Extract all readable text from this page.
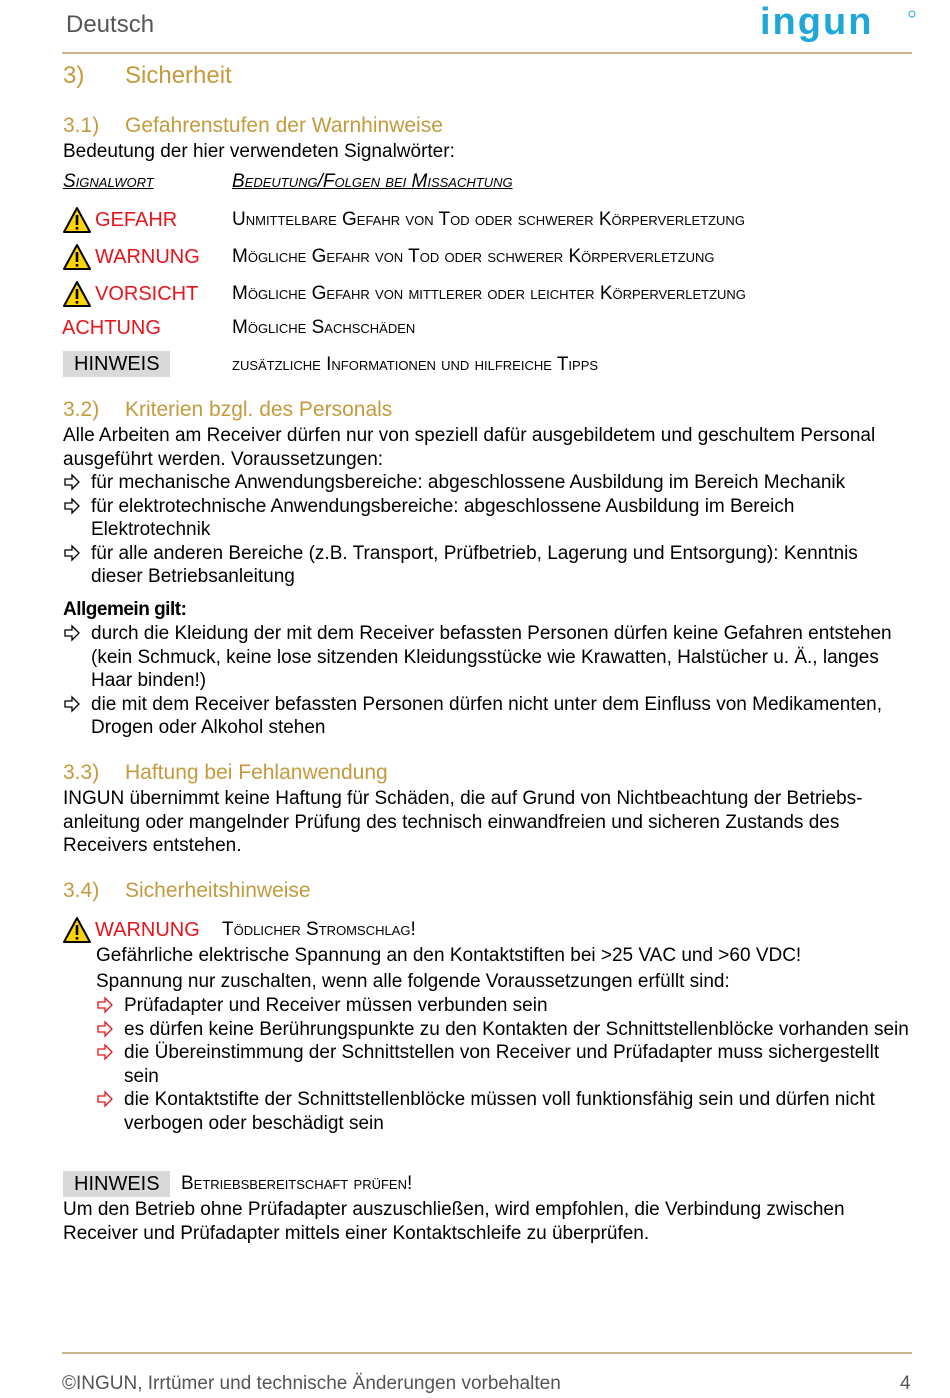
Deutsch	ingun
3) Sicherheit
3.1) Gefahrenstufen der Warnhinweise
Bedeutung der hier verwendeten Signalwörter:
Signalwort	Bedeutung/Folgen bei Missachtung
GEFAHR	Unmittelbare Gefahr von Tod oder schwerer Körperverletzung
WARNUNG Mögliche Gefahr von Tod oder schwerer Körperverletzung
VORSICHT Mögliche Gefahr von mittlerer oder leichter Körperverletzung
ACHTUNG	Mögliche Sachschäden
HINWEIS	zusätzliche Informationen und hilfreiche Tipps
3.2) Kriterien bzgl. des Personals
Alle Arbeiten am Receiver dürfen nur von speziell dafür ausgebildetem und geschultem Personal ausgeführt werden. Voraussetzungen:
für mechanische Anwendungsbereiche: abgeschlossene Ausbildung im Bereich Mechanik
für elektrotechnische Anwendungsbereiche: abgeschlossene Ausbildung im Bereich Elektrotechnik
für alle anderen Bereiche (z.B. Transport, Prüfbetrieb, Lagerung und Entsorgung): Kenntnis dieser Betriebsanleitung
Allgemein gilt:
durch die Kleidung der mit dem Receiver befassten Personen dürfen keine Gefahren entstehen (kein Schmuck, keine lose sitzenden Kleidungsstücke wie Krawatten, Halstücher u. Ä., langes Haar binden!)
die mit dem Receiver befassten Personen dürfen nicht unter dem Einfluss von Medikamenten, Drogen oder Alkohol stehen
3.3) Haftung bei Fehlanwendung
INGUN übernimmt keine Haftung für Schäden, die auf Grund von Nichtbeachtung der Betriebs-anleitung oder mangelnder Prüfung des technisch einwandfreien und sicheren Zustands des Receivers entstehen.
3.4) Sicherheitshinweise
WARNUNG Tödlicher Stromschlag!
Gefährliche elektrische Spannung an den Kontaktstiften bei >25 VAC und >60 VDC!
Spannung nur zuschalten, wenn alle folgende Voraussetzungen erfüllt sind:
Prüfadapter und Receiver müssen verbunden sein
es dürfen keine Berührungspunkte zu den Kontakten der Schnittstellenblöcke vorhanden sein
die Übereinstimmung der Schnittstellen von Receiver und Prüfadapter muss sichergestellt sein
die Kontaktstifte der Schnittstellenblöcke müssen voll funktionsfähig sein und dürfen nicht verbogen oder beschädigt sein
HINWEIS	Betriebsbereitschaft prüfen!
Um den Betrieb ohne Prüfadapter auszuschließen, wird empfohlen, die Verbindung zwischen Receiver und Prüfadapter mittels einer Kontaktschleife zu überprüfen.
©INGUN, Irrtümer und technische Änderungen vorbehalten	4
